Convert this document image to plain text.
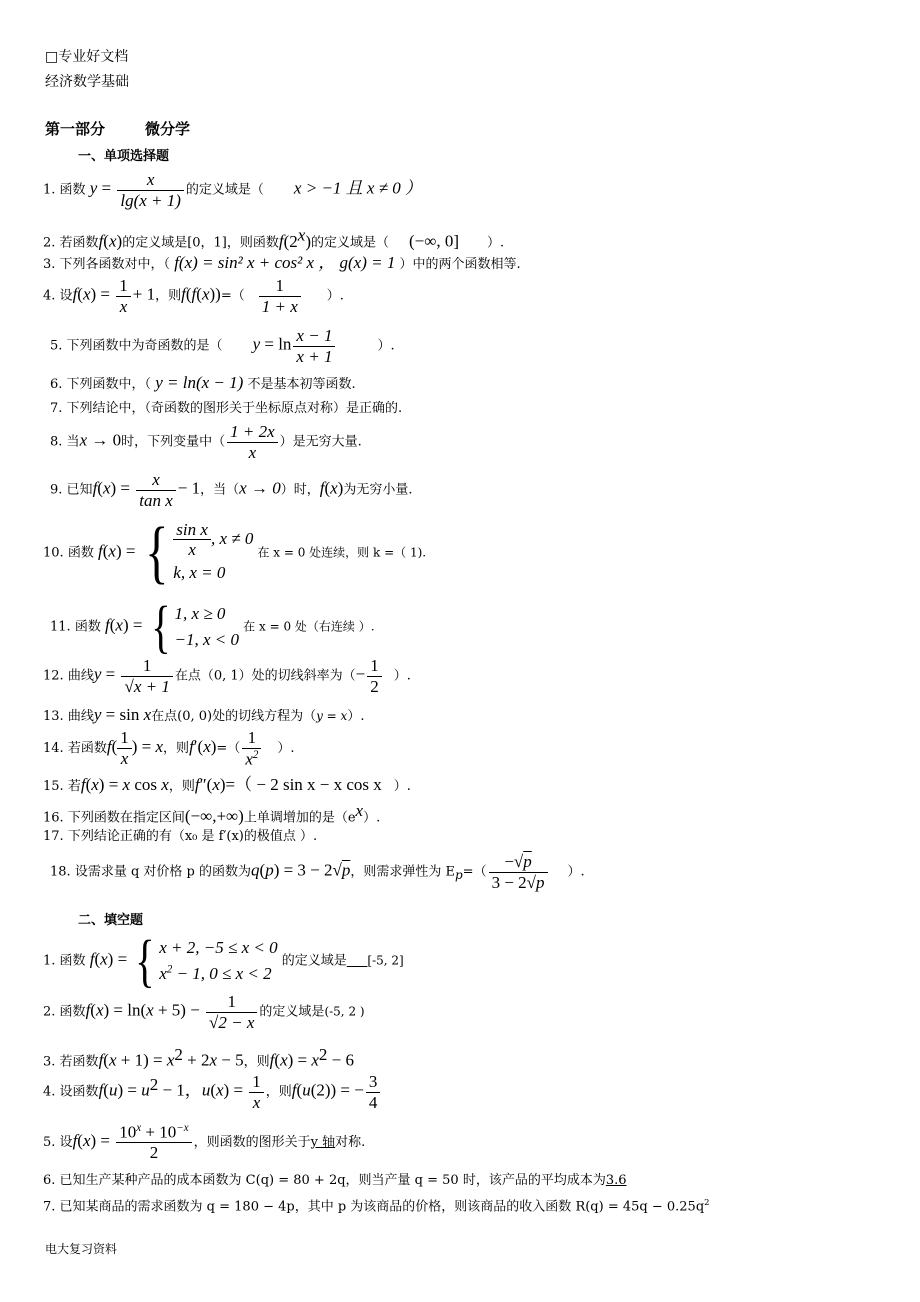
□专业好文档
经济数学基础
第一部分	微分学
一、单项选择题
1. 函数 $y = \frac{x}{\lg(x + 1)}$ 的定义域是（ x > −1 且 x ≠ 0 ）
2. 若函数f(x)的定义域是[0，1]，则函数f(2$^x$)的定义域是（ (−∞, 0] ）.
3. 下列各函数对中，（ f(x) = sin² x + cos² x ， g(x) = 1 ）中的两个函数相等.
4. 设$f(x) = \frac{1}{x} + 1$，则$f(f(x))=( \frac{1}{1 + x}$ ）.
5. 下列函数中为奇函数的是（ $y = \ln \frac{x - 1}{x + 1}$	）.
6. 下列函数中，（ y = ln(x − 1) 不是基本初等函数.
7. 下列结论中，（奇函数的图形关于坐标原点对称）是正确的.
8. 当x → 0时，下列变量中（ $\frac{1 + 2x}{x}$ ）是无穷大量.
9. 已知$f(x) = \frac{x}{\text{tan x}} - 1$，当（x → 0）时，f(x)为无穷小量.
10. 函数 f(x) = { $\frac{\text{sin x}}{x}$ , x ≠ 0
k, x = 0
在 x = 0 处连续，则 k =（ 1).
11. 函数 f(x) = { 1, x ≥ 0
−1, x < 0
在 x = 0 处（右连续 ）.
12. 曲线$y = \frac{1}{√x + 1}$ 在点（0, 1）处的切线斜率为（− $\frac{1}{2}$ ）.
13. 曲线y = sin x在点(0, 0)处的切线方程为（y = x）.
14. 若函数$f( \frac{1}{x}$ ) = x，则$f'(x)=( \frac{1}{x^2}$ ）.
15. 若f(x) = x cos x，则f″(x)=（ − 2 sin x − x cos x ）.
16. 下列函数在指定区间(−∞,+∞)上单调增加的是$(e^x)$.
17. 下列结论正确的有（x₀ 是 f′(x)的极值点 ）.
18. 设需求量 q 对价格 p 的函数为q(p) = 3 − 2√p，则需求弹性为 $E_p=( \frac{-√p}{3 - 2√p}$ ）.
二、填空题
1. 函数 f(x) = { x + 2, −5 ≤ x < 0
$x^2 - 1$, 0 ≤ x < 2
的定义域是 [-5, 2]
2. 函数$f(x) = \ln(x + 5) - \frac{1}{√2 - x}$ 的定义域是(-5, 2 )
3. 若函数$f(x + 1) = x^2 + 2x - 5$，则$f(x) = x^2 - 6$
4. 设函数$f(u) = u^2 - 1$，$u(x) = \frac{1}{x}$ ，则f(u(2)) = − $\frac{3}{4}$
5. 设$f(x) = \frac{10^x + 10^{-x}}{2}$ ，则函数的图形关于y 轴对称.
6. 已知生产某种产品的成本函数为 C(q) = 80 + 2q，则当产量 q = 50 时，该产品的平均成本为3.6
7. 已知某商品的需求函数为 q = 180 − 4p，其中 p 为该商品的价格，则该商品的收入函数 $R(q) = 45q - 0.25q^2$
电大复习资料
